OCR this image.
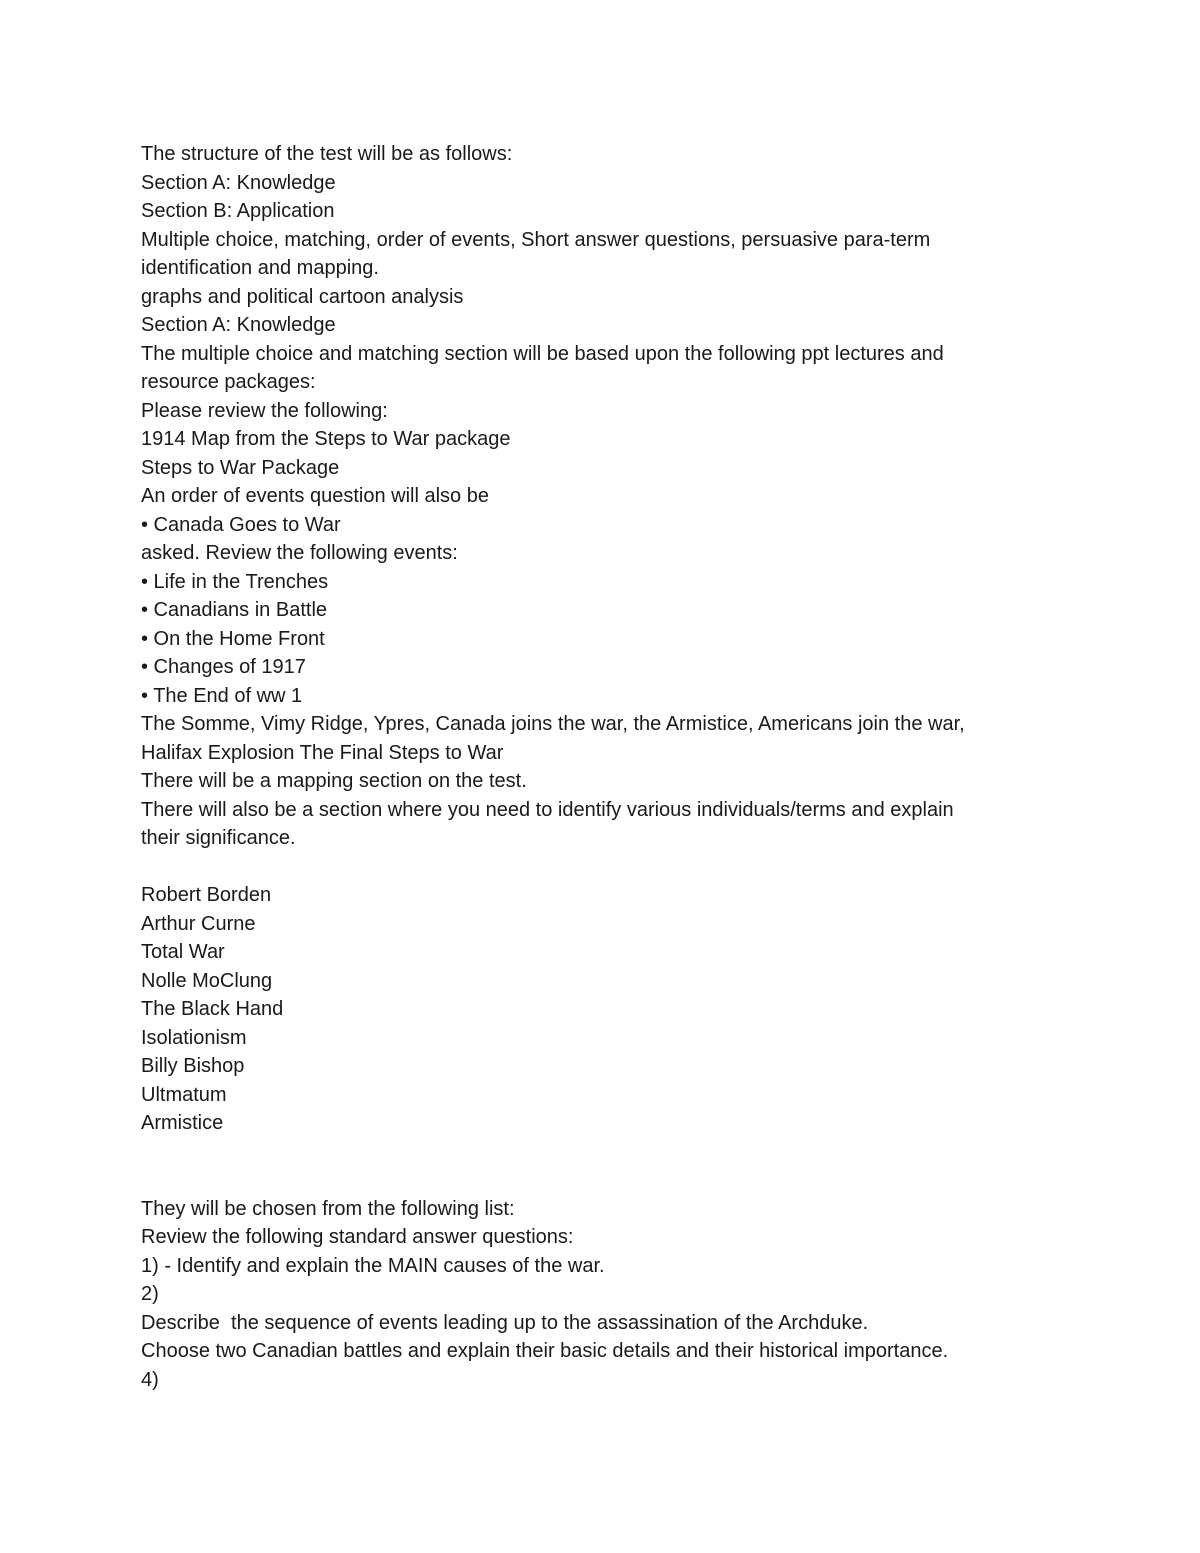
The structure of the test will be as follows:
Section A: Knowledge
Section B: Application
Multiple choice, matching, order of events, Short answer questions, persuasive para-term
identification and mapping.
graphs and political cartoon analysis
Section A: Knowledge
The multiple choice and matching section will be based upon the following ppt lectures and
resource packages:
Please review the following:
1914 Map from the Steps to War package
Steps to War Package
An order of events question will also be
• Canada Goes to War
asked. Review the following events:
• Life in the Trenches
• Canadians in Battle
• On the Home Front
• Changes of 1917
• The End of ww 1
The Somme, Vimy Ridge, Ypres, Canada joins the war, the Armistice, Americans join the war,
Halifax Explosion The Final Steps to War
There will be a mapping section on the test.
There will also be a section where you need to identify various individuals/terms and explain
their significance.
Robert Borden
Arthur Curne
Total War
Nolle MoClung
The Black Hand
Isolationism
Billy Bishop
Ultmatum
Armistice
They will be chosen from the following list:
Review the following standard answer questions:
1) - Identify and explain the MAIN causes of the war.
2)
Describe  the sequence of events leading up to the assassination of the Archduke.
Choose two Canadian battles and explain their basic details and their historical importance.
4)
